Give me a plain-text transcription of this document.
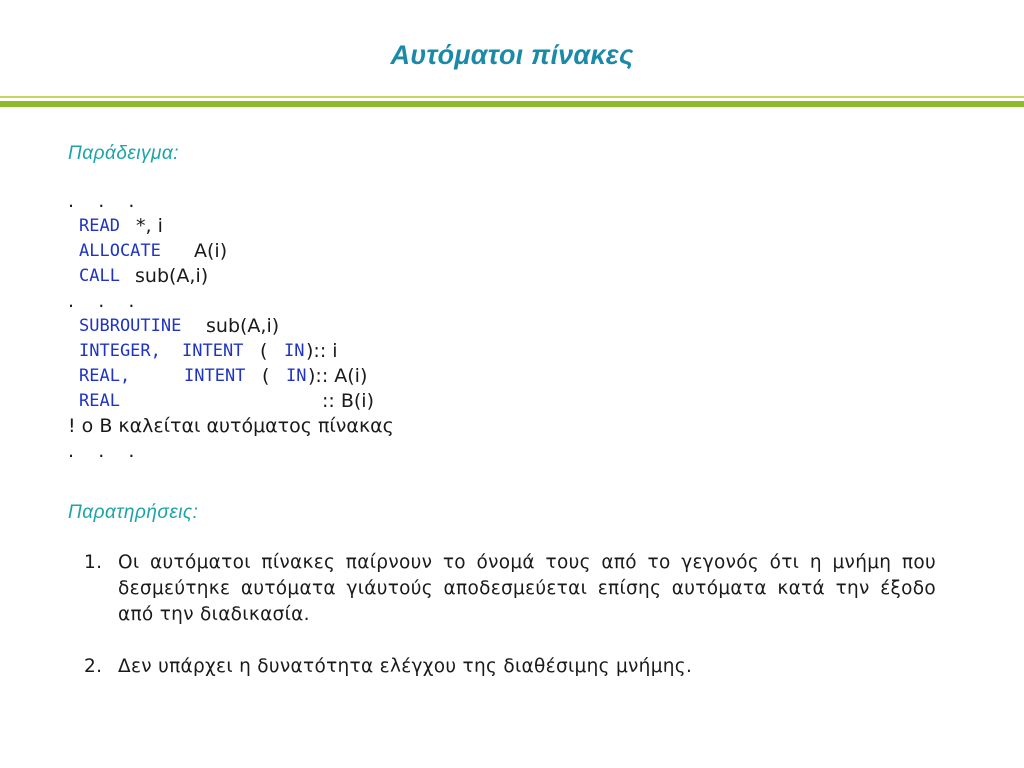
Αυτόματοι πίνακες
Παράδειγμα:

.    .    .

READ

*, i

ALLOCATE

A(i)

CALL

sub(A,i)

.    .    .

SUBROUTINE

sub(A,i)

INTEGER,

INTENT

(

IN

):: i

REAL,

	INTENT

(

IN

):: A(i)

REAL

	:: B(i)

! o B καλείται αυτόματος πίνακας

.    .    .

Παρατηρήσεις:
1. Οι αυτόματοι πίνακες παίρνουν το όνομά τους από το γεγονός ότι η μνήμη που δεσμεύτηκε αυτόματα γιάυτούς αποδεσμεύεται επίσης αυτόματα κατά την έξοδο από την διαδικασία.
2. Δεν υπάρχει η δυνατότητα ελέγχου της διαθέσιμης μνήμης.
